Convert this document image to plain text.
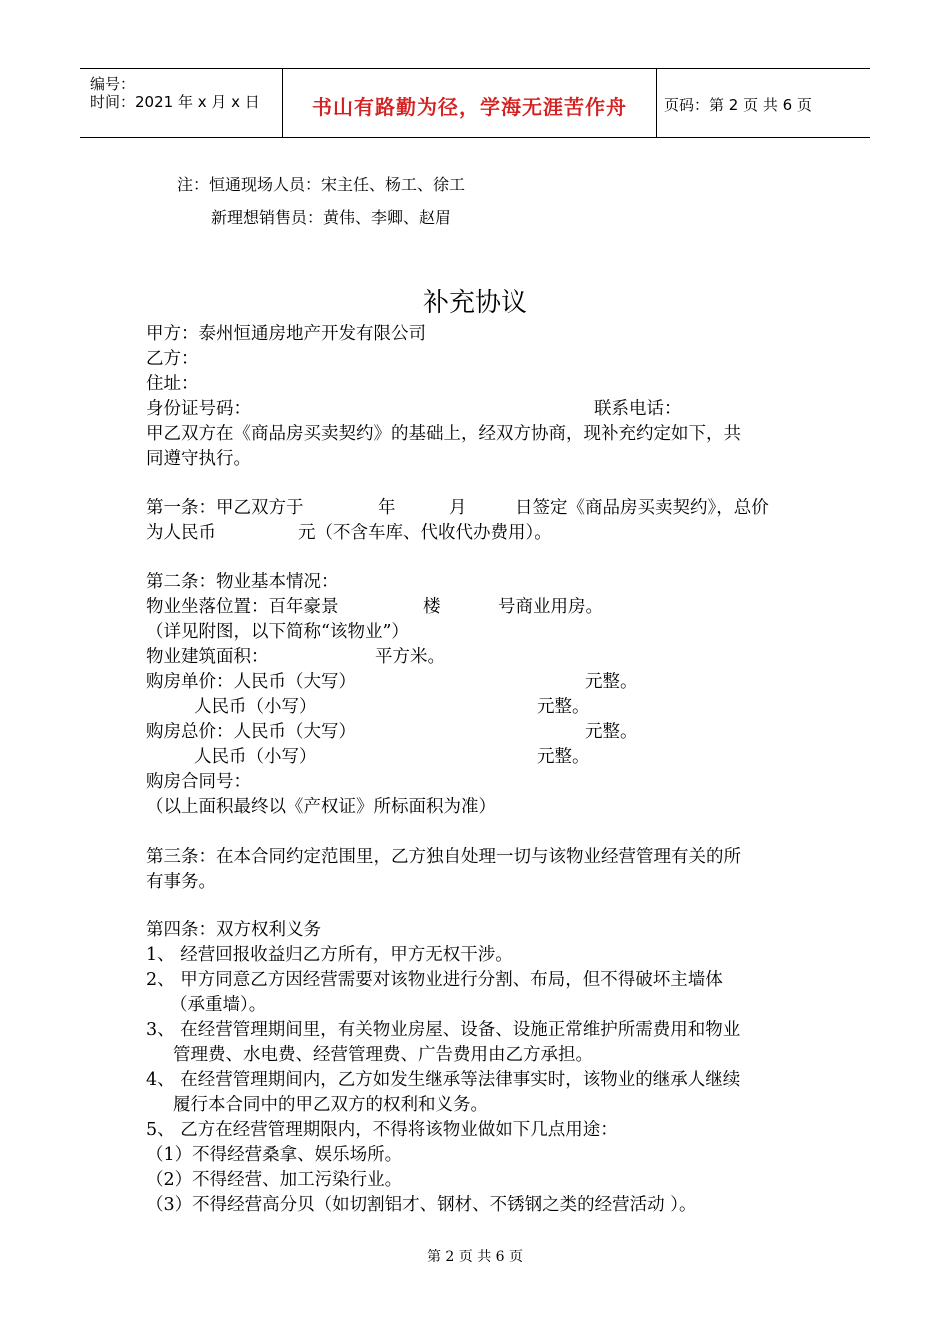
编号：
时间：2021 年 x 月 x 日	书山有路勤为径，学海无涯苦作舟	页码：第 2 页 共 6 页
注：恒通现场人员：宋主任、杨工、徐工
新理想销售员：黄伟、李卿、赵眉
补充协议
甲方：泰州恒通房地产开发有限公司
乙方：
住址：
身份证号码：	联系电话：
甲乙双方在《商品房买卖契约》的基础上，经双方协商，现补充约定如下，共
同遵守执行。
第一条：甲乙双方于	年	月	日签定《商品房买卖契约》，总价
为人民币	元（不含车库、代收代办费用）。
第二条：物业基本情况：
物业坐落位置：百年豪景	楼	号商业用房。
（详见附图，以下简称“该物业”）
物业建筑面积：	平方米。
购房单价：人民币（大写）	元整。
人民币（小写）	元整。
购房总价：人民币（大写）	元整。
人民币（小写）	元整。
购房合同号：
（以上面积最终以《产权证》所标面积为准）
第三条：在本合同约定范围里，乙方独自处理一切与该物业经营管理有关的所
有事务。
第四条：双方权利义务
1、 经营回报收益归乙方所有，甲方无权干涉。
2、 甲方同意乙方因经营需要对该物业进行分割、布局，但不得破坏主墙体
（承重墙）。
3、 在经营管理期间里，有关物业房屋、设备、设施正常维护所需费用和物业
管理费、水电费、经营管理费、广告费用由乙方承担。
4、 在经营管理期间内，乙方如发生继承等法律事实时，该物业的继承人继续
履行本合同中的甲乙双方的权利和义务。
5、 乙方在经营管理期限内，不得将该物业做如下几点用途：
（1）不得经营桑拿、娱乐场所。
（2）不得经营、加工污染行业。
（3）不得经营高分贝（如切割铝才、钢材、不锈钢之类的经营活动 ）。
第 2 页 共 6 页
